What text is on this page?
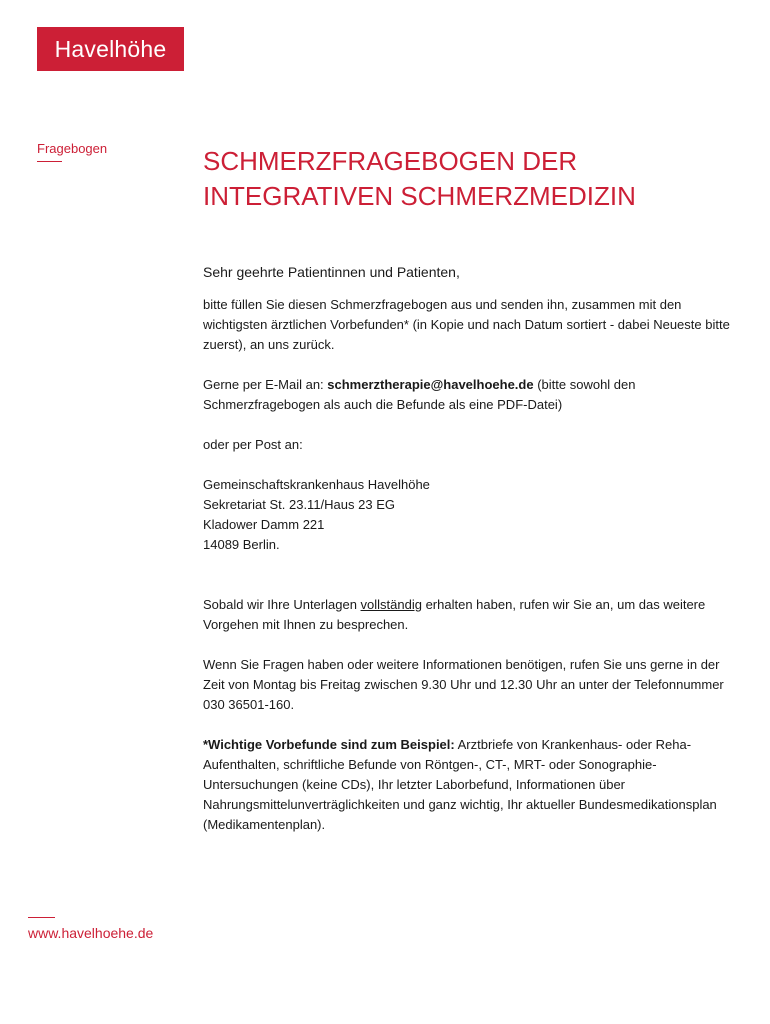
Havelhöhe
Fragebogen	SCHMERZFRAGEBOGEN DER
INTEGRATIVEN SCHMERZMEDIZIN

Sehr geehrte Patientinnen und Patienten,

bitte füllen Sie diesen Schmerzfragebogen aus und senden ihn, zusammen mit den wichtigsten ärztlichen Vorbefunden* (in Kopie und nach Datum sortiert - dabei Neueste bitte zuerst), an uns zurück.

Gerne per E-Mail an: schmerztherapie@havelhoehe.de (bitte sowohl den Schmerzfragebogen als auch die Befunde als eine PDF-Datei)

oder per Post an:

Gemeinschaftskrankenhaus Havelhöhe
Sekretariat St. 23.11/Haus 23 EG
Kladower Damm 221
14089 Berlin.

Sobald wir Ihre Unterlagen vollständig erhalten haben, rufen wir Sie an, um das weitere Vorgehen mit Ihnen zu besprechen.

Wenn Sie Fragen haben oder weitere Informationen benötigen, rufen Sie uns gerne in der Zeit von Montag bis Freitag zwischen 9.30 Uhr und 12.30 Uhr an unter der Telefonnummer 030 36501-160.

*Wichtige Vorbefunde sind zum Beispiel: Arztbriefe von Krankenhaus- oder Reha-Aufenthalten, schriftliche Befunde von Röntgen-, CT-, MRT- oder Sonographie-Untersuchungen (keine CDs), Ihr letzter Laborbefund, Informationen über Nahrungsmittelunverträglichkeiten und ganz wichtig, Ihr aktueller Bundesmedikationsplan (Medikamentenplan).

www.havelhoehe.de
